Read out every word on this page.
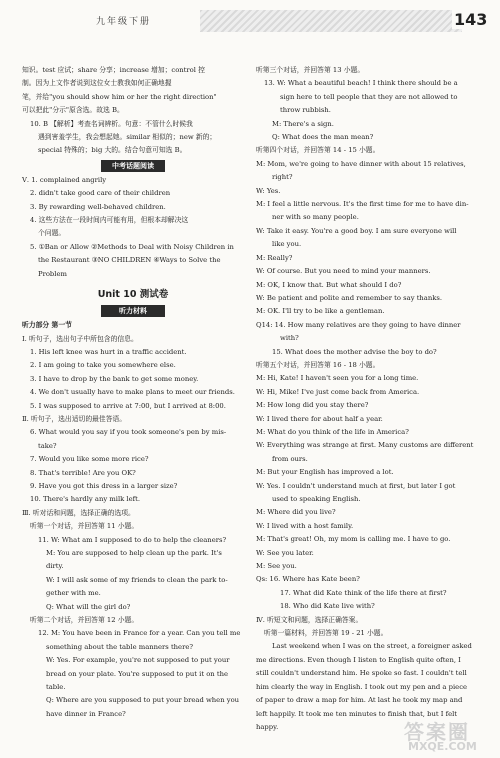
九年级下册	143

知识。test 应试；share 分享；increase 增加；control 控

制。因为上文作者说到这位女士教我如何正确地握

笔，并给"you should show him or her the right direction"

可以把此"分示"原含选。故选 B。

10. B 【解析】考查名词辨析。句意：不管什么时候我

遇到害羞学生，我会想起她。similar 相似的；new 新的；

special 特殊的；big 大的。结合句意可知选 B。

中考话题阅读

Ⅴ. 1. complained angrily

2. didn't take good care of their children

3. By rewarding well-behaved children.

4. 这些方法在一段时间内可能有用，但根本却解决这

个问题。

5. ①Ban or Allow ②Methods to Deal with Noisy Children in

the Restaurant ③NO CHILDREN ④Ways to Solve the

Problem

Unit 10 测试卷
听力材料

听力部分 第一节

Ⅰ. 听句子，选出句子中所包含的信息。

1. His left knee was hurt in a traffic accident.

2. I am going to take you somewhere else.

3. I have to drop by the bank to get some money.

4. We don't usually have to make plans to meet our friends.

5. I was supposed to arrive at 7:00, but I arrived at 8:00.

Ⅱ. 听句子，选出适切的最佳答语。

6. What would you say if you took someone's pen by mis-

take?

7. Would you like some more rice?

8. That's terrible! Are you OK?

9. Have you got this dress in a larger size?

10. There's hardly any milk left.

Ⅲ. 听对话和问题，选择正确的选项。

听第一个对话，并回答第 11 小题。

11. W: What am I supposed to do to help the cleaners?

M: You are supposed to help clean up the park. It's

dirty.

W: I will ask some of my friends to clean the park to-

gether with me.

Q: What will the girl do?

听第二个对话，并回答第 12 小题。

12. M: You have been in France for a year. Can you tell me

something about the table manners there?

W: Yes. For example, you're not supposed to put your

bread on your plate. You're supposed to put it on the

table.

Q: Where are you supposed to put your bread when you

have dinner in France?

听第三个对话，并回答第 13 小题。

13. W: What a beautiful beach! I think there should be a

sign here to tell people that they are not allowed to

throw rubbish.

M: There's a sign.

Q: What does the man mean?

听第四个对话，并回答第 14 - 15 小题。

M: Mom, we're going to have dinner with about 15 relatives,

right?

W: Yes.

M: I feel a little nervous. It's the first time for me to have din-

ner with so many people.

W: Take it easy. You're a good boy. I am sure everyone will

like you.

M: Really?

W: Of course. But you need to mind your manners.

M: OK, I know that. But what should I do?

W: Be patient and polite and remember to say thanks.

M: OK. I'll try to be like a gentleman.

Q14: 14. How many relatives are they going to have dinner

with?

15. What does the mother advise the boy to do?

听第五个对话，并回答第 16 - 18 小题。

M: Hi, Kate! I haven't seen you for a long time.

W: Hi, Mike! I've just come back from America.

M: How long did you stay there?

W: I lived there for about half a year.

M: What do you think of the life in America?

W: Everything was strange at first. Many customs are different

from ours.

M: But your English has improved a lot.

W: Yes. I couldn't understand much at first, but later I got

used to speaking English.

M: Where did you live?

W: I lived with a host family.

M: That's great! Oh, my mom is calling me. I have to go.

W: See you later.

M: See you.

Qs: 16. Where has Kate been?

17. What did Kate think of the life there at first?

18. Who did Kate live with?

Ⅳ. 听短文和问题，选择正确答案。

听第一篇材料，并回答第 19 - 21 小题。

Last weekend when I was on the street, a foreigner asked

me directions. Even though I listen to English quite often, I

still couldn't understand him. He spoke so fast. I couldn't tell

him clearly the way in English. I took out my pen and a piece

of paper to draw a map for him. At last he took my map and

left happily. It took me ten minutes to finish that, but I felt

happy.	答案圈
MXQE.COM
